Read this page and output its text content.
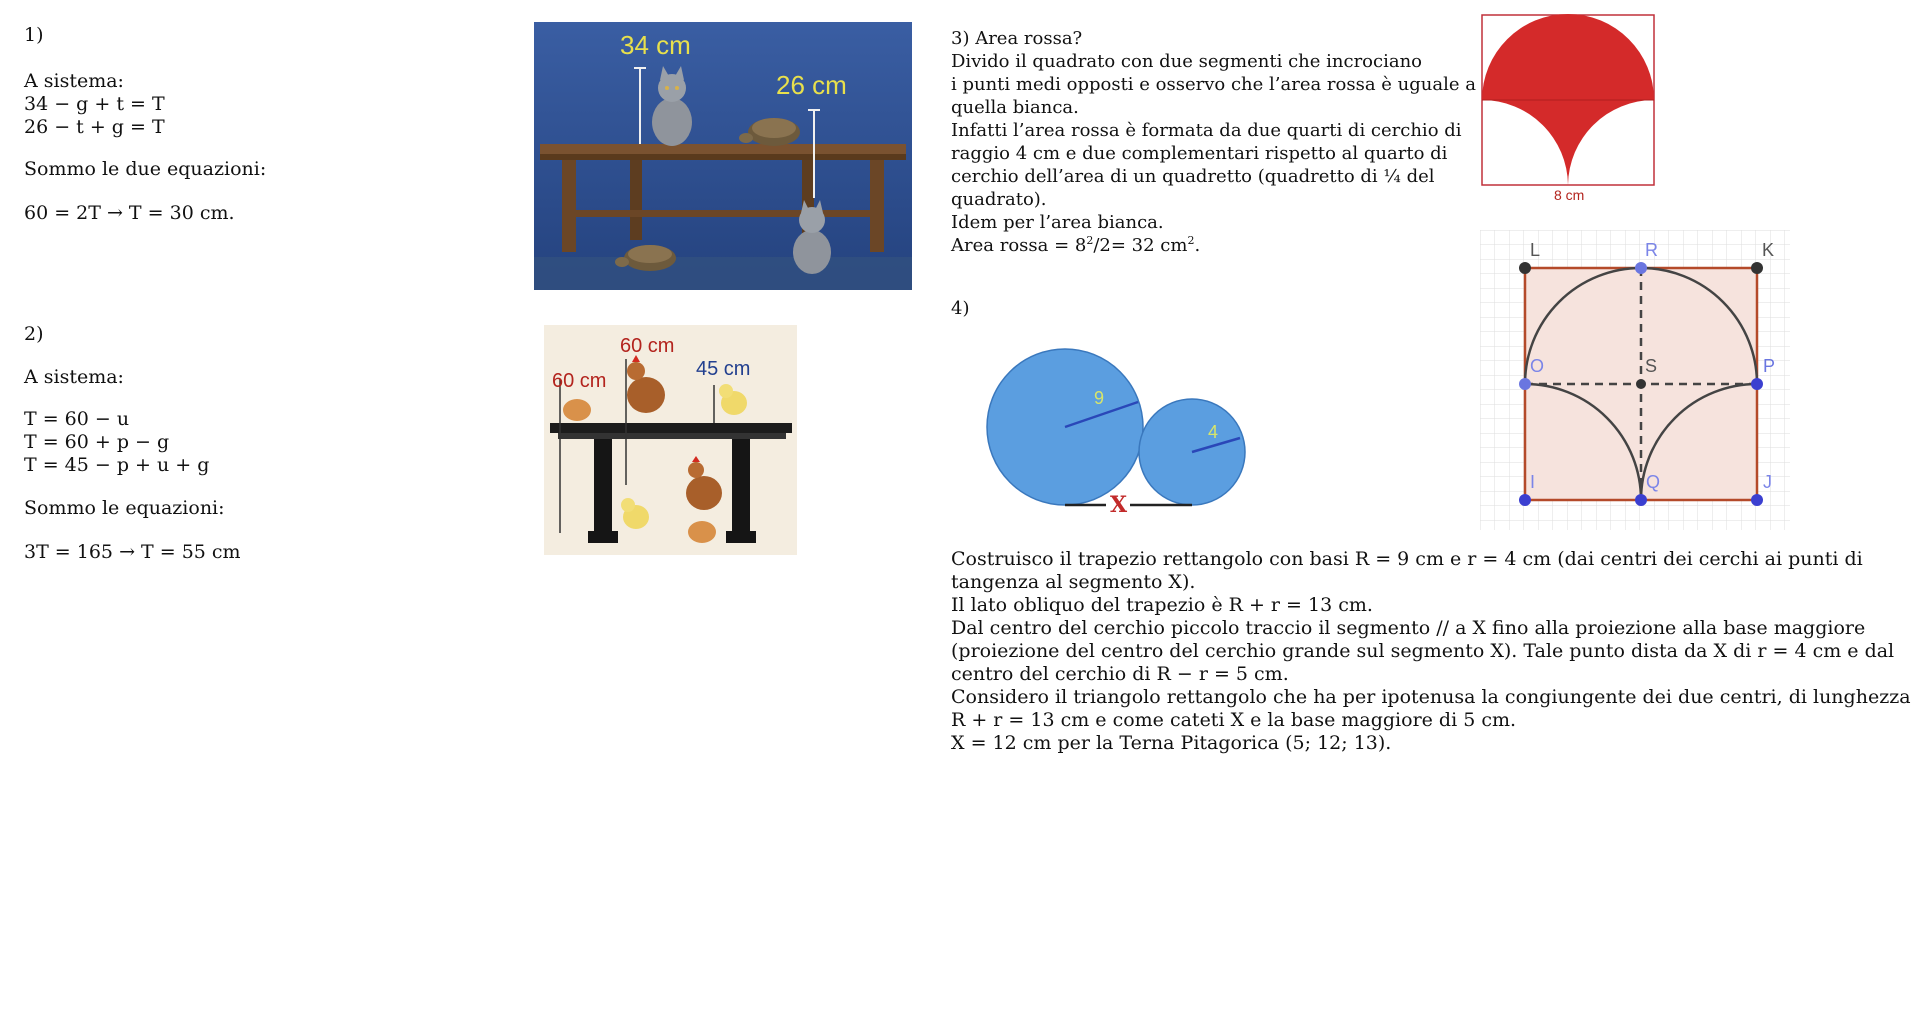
1)
A sistema:
34 − g + t = T
26 − t + g = T
Sommo le due equazioni:
60 = 2T → T = 30 cm.
34 cm
26 cm
2)
A sistema:
T = 60 − u
T = 60 + p − g
T = 45 − p + u + g
Sommo le equazioni:
3T = 165 → T = 55 cm
60 cm
60 cm
45 cm
3) Area rossa?
Divido il quadrato con due segmenti che incrociano
i punti medi opposti e osservo che l’area rossa è uguale a
quella bianca.
Infatti l’area rossa è formata da due quarti di cerchio di
raggio 4 cm e due complementari rispetto al quarto di
cerchio dell’area di un quadretto (quadretto di ¼ del
quadrato).
Idem per l’area bianca.
Area rossa = $8^2/2= 32$ $cm^2$.
8 cm
L	R	K
O	S	P
I	Q	J
4)
9
4
X
Costruisco il trapezio rettangolo con basi R = 9 cm e r = 4 cm (dai centri dei cerchi ai punti di
tangenza al segmento X).
Il lato obliquo del trapezio è R + r = 13 cm.
Dal centro del cerchio piccolo traccio il segmento // a X fino alla proiezione alla base maggiore
(proiezione del centro del cerchio grande sul segmento X). Tale punto dista da X di r = 4 cm e dal
centro del cerchio di R − r = 5 cm.
Considero il triangolo rettangolo che ha per ipotenusa la congiungente dei due centri, di lunghezza
R + r = 13 cm e come cateti X e la base maggiore di 5 cm.
X = 12 cm per la Terna Pitagorica (5; 12; 13).
